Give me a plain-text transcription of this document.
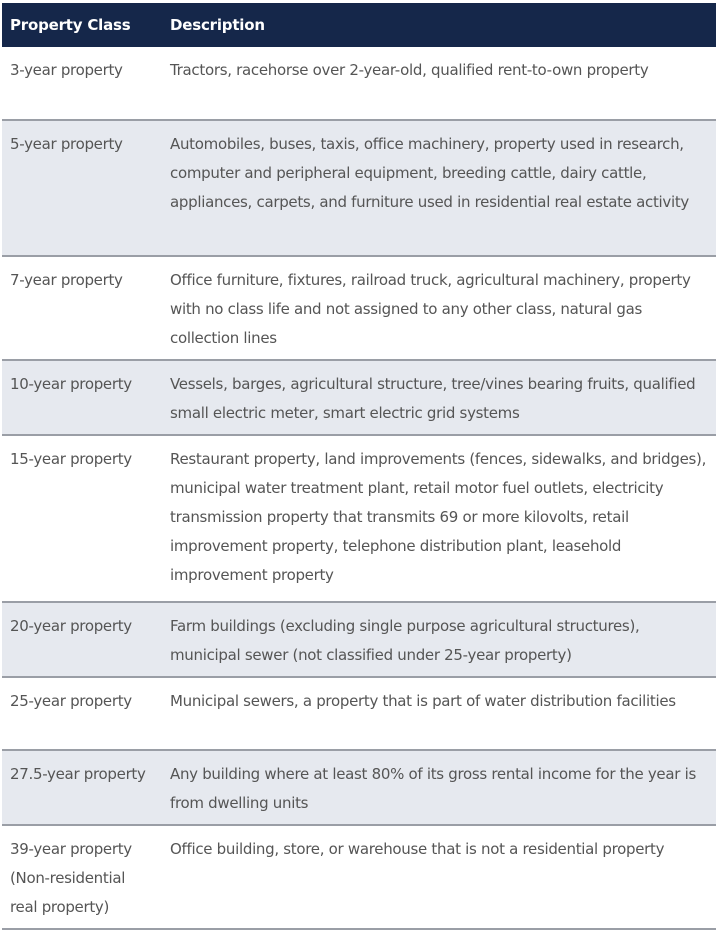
Property Class	Description
3-year property	Tractors, racehorse over 2-year-old, qualified rent-to-own property
5-year property	Automobiles, buses, taxis, office machinery, property used in research, computer and peripheral equipment, breeding cattle, dairy cattle, appliances, carpets, and furniture used in residential real estate activity
7-year property	Office furniture, fixtures, railroad truck, agricultural machinery, property with no class life and not assigned to any other class, natural gas collection lines
10-year property	Vessels, barges, agricultural structure, tree/vines bearing fruits, qualified small electric meter, smart electric grid systems
15-year property	Restaurant property, land improvements (fences, sidewalks, and bridges), municipal water treatment plant, retail motor fuel outlets, electricity transmission property that transmits 69 or more kilovolts, retail improvement property, telephone distribution plant, leasehold improvement property
20-year property	Farm buildings (excluding single purpose agricultural structures), municipal sewer (not classified under 25-year property)
25-year property	Municipal sewers, a property that is part of water distribution facilities
27.5-year property	Any building where at least 80% of its gross rental income for the year is from dwelling units
39-year property (Non-residential real property)	Office building, store, or warehouse that is not a residential property
